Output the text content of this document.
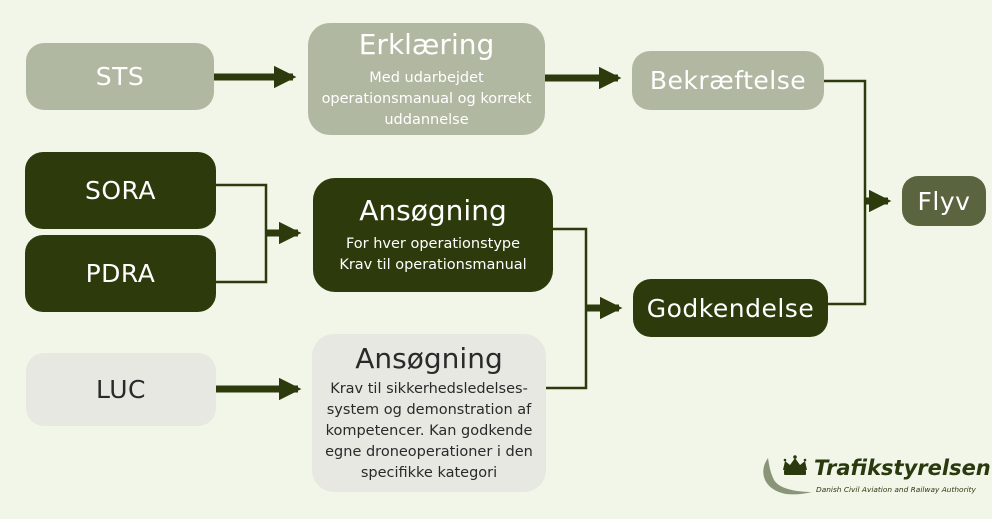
STS
SORA
PDRA
LUC
Erklæring
Med udarbejdet
operationsmanual og korrekt
uddannelse
Ansøgning
For hver operationstype
Krav til operationsmanual
Ansøgning
Krav til sikkerhedsledelses-
system og demonstration af
kompetencer. Kan godkende
egne droneoperationer i den
specifikke kategori
Bekræftelse
Godkendelse
Flyv
Trafikstyrelsen
Danish Civil Aviation and Railway Authority
